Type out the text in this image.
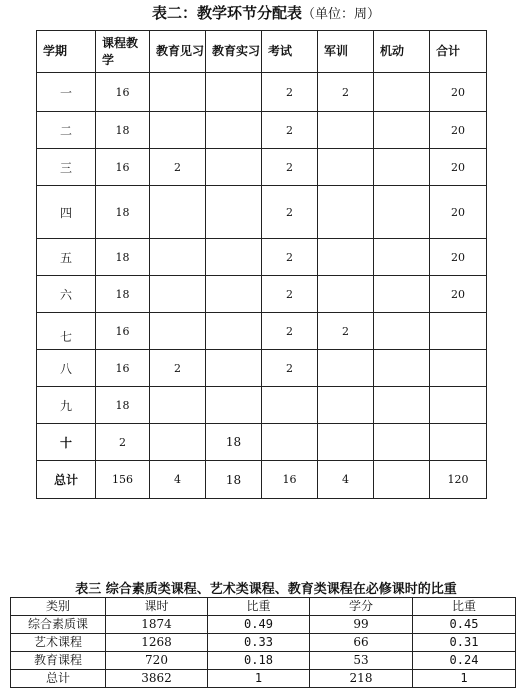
表二：教学环节分配表（单位：周）
学期	课程教学	教育见习	教育实习	考试	军训	机动	合计
一	16			2	2		20
二	18			2			20
三	16	2		2			20
四	18			2			20
五	18			2			20
六	18			2			20
七	16			2	2		
八	16	2		2			
九	18						
十	2		18				
总计	156	4	18	16	4		120
表三 综合素质类课程、艺术类课程、教育类课程在必修课时的比重
类别	课时	比重	学分	比重
综合素质课	1874	0.49	99	0.45
艺术课程	1268	0.33	66	0.31
教育课程	720	0.18	53	0.24
总计	3862	1	218	1
